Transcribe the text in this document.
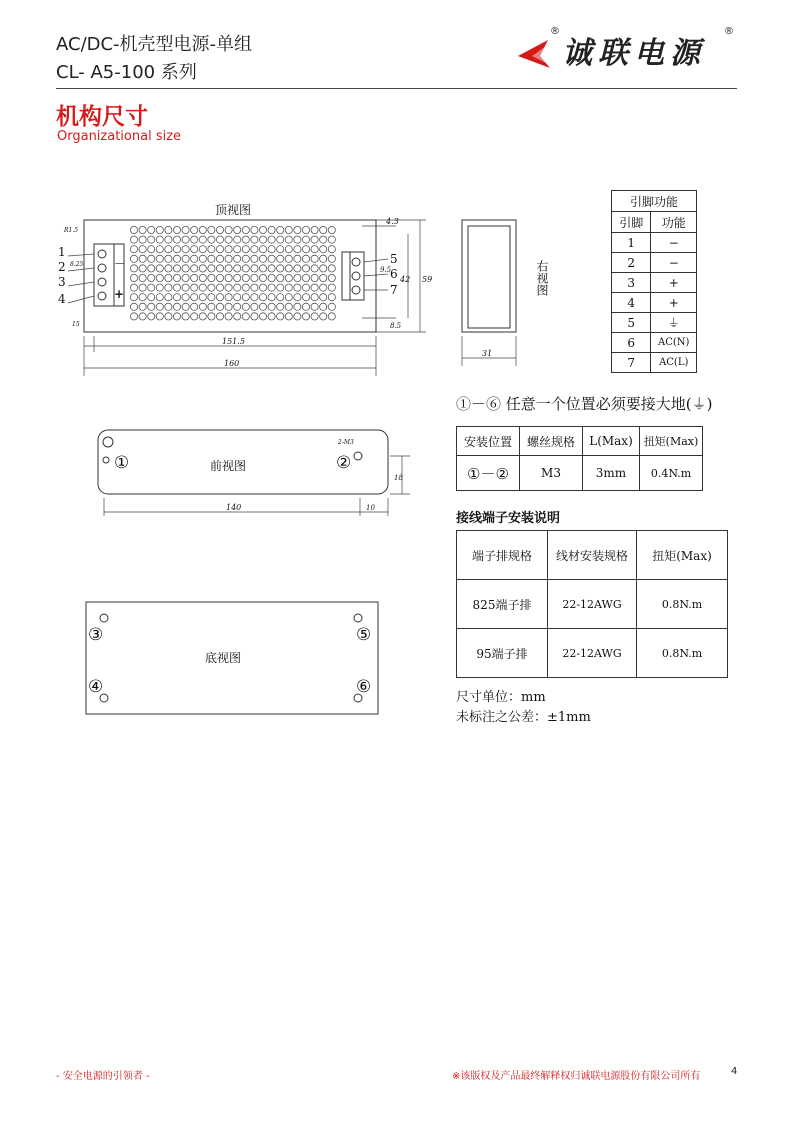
AC/DC-机壳型电源-单组
CL- A5-100 系列
®
诚联电源
®
机构尺寸
Organizational size
顶视图
—
+
1
2
3
4
5
6
7
151.5
160
59
42
4.3
8.5
9.5
R1.5
15
8.25	右视图
31
前视图
①	②
2-M3
140	10
18
底视图
③
④
⑤
⑥
引脚功能	
引脚	功能
1	−
2	−
3	+
4	+
5	⏚
6	AC(N)
7	AC(L)
①－⑥ 任意一个位置必须要接大地(⏚)
安装位置	螺丝规格	L(Max)	扭矩(Max)
①－②	M3	3mm	0.4N.m
接线端子安装说明
端子排规格	线材安装规格	扭矩(Max)
825端子排	22-12AWG	0.8N.m
95端子排	22-12AWG	0.8N.m
尺寸单位：mm
未标注之公差：±1mm
- 安全电源的引领者 -	※该版权及产品最终解释权归诚联电源股份有限公司所有	4
